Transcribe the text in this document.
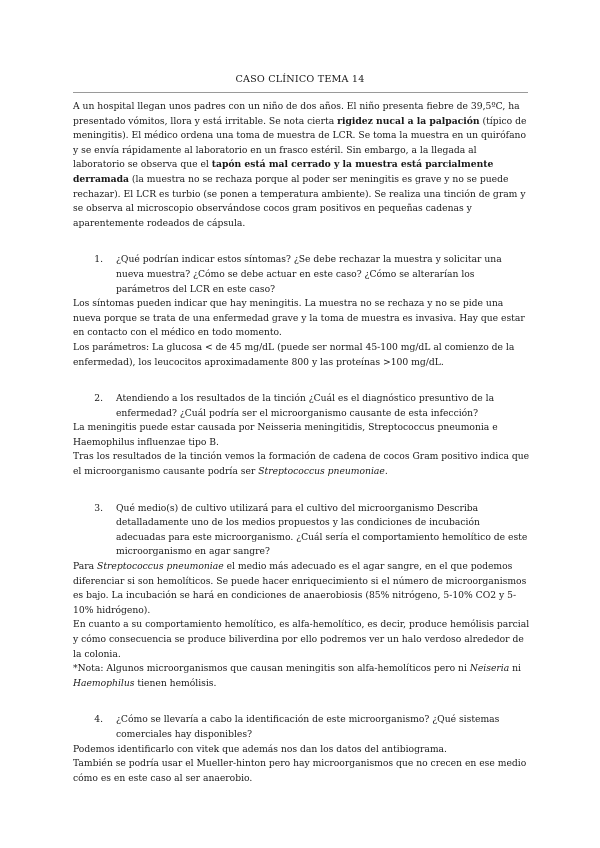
CASO CLÍNICO TEMA 14

A un hospital llegan unos padres con un niño de dos años. El niño presenta fiebre de 39,5ºC, ha presentado vómitos, llora y está irritable. Se nota cierta rigidez nucal a la palpación (típico de meningitis). El médico ordena una toma de muestra de LCR. Se toma la muestra en un quirófano y se envía rápidamente al laboratorio en un frasco estéril. Sin embargo, a la llegada al laboratorio se observa que el tapón está mal cerrado y la muestra está parcialmente derramada (la muestra no se rechaza porque al poder ser meningitis es grave y no se puede rechazar). El LCR es turbio (se ponen a temperatura ambiente). Se realiza una tinción de gram y se observa al microscopio observándose cocos gram positivos en pequeñas cadenas y aparentemente rodeados de cápsula.

1.	¿Qué podrían indicar estos síntomas? ¿Se debe rechazar la muestra y solicitar una nueva muestra? ¿Cómo se debe actuar en este caso? ¿Cómo se alterarían los parámetros del LCR en este caso?

Los síntomas pueden indicar que hay meningitis. La muestra no se rechaza y no se pide una nueva porque se trata de una enfermedad grave y la toma de muestra es invasiva. Hay que estar en contacto con el médico en todo momento.

Los parámetros: La glucosa < de 45 mg/dL (puede ser normal 45-100 mg/dL al comienzo de la enfermedad), los leucocitos aproximadamente 800 y las proteínas >100 mg/dL.

2.	Atendiendo a los resultados de la tinción ¿Cuál es el diagnóstico presuntivo de la enfermedad? ¿Cuál podría ser el microorganismo causante de esta infección?

La meningitis puede estar causada por Neisseria meningitidis, Streptococcus pneumonia e Haemophilus influenzae tipo B.

Tras los resultados de la tinción vemos la formación de cadena de cocos Gram positivo indica que el microorganismo causante podría ser Streptococcus pneumoniae.

3.	Qué medio(s) de cultivo utilizará para el cultivo del microorganismo Describa detalladamente uno de los medios propuestos y las condiciones de incubación adecuadas para este microorganismo. ¿Cuál sería el comportamiento hemolítico de este microorganismo en agar sangre?

Para Streptococcus pneumoniae el medio más adecuado es el agar sangre, en el que podemos diferenciar si son hemolíticos. Se puede hacer enriquecimiento si el número de microorganismos es bajo. La incubación se hará en condiciones de anaerobiosis (85% nitrógeno, 5-10% CO2 y 5-10% hidrógeno).

En cuanto a su comportamiento hemolítico, es alfa-hemolítico, es decir, produce hemólisis parcial y cómo consecuencia se produce biliverdina por ello podremos ver un halo verdoso alrededor de la colonia.

*Nota: Algunos microorganismos que causan meningitis son alfa-hemolíticos pero ni Neiseria ni Haemophilus tienen hemólisis.

4.	¿Cómo se llevaría a cabo la identificación de este microorganismo? ¿Qué sistemas comerciales hay disponibles?

Podemos identificarlo con vitek que además nos dan los datos del antibiograma.

También se podría usar el Mueller-hinton pero hay microorganismos que no crecen en ese medio cómo es en este caso al ser anaerobio.
